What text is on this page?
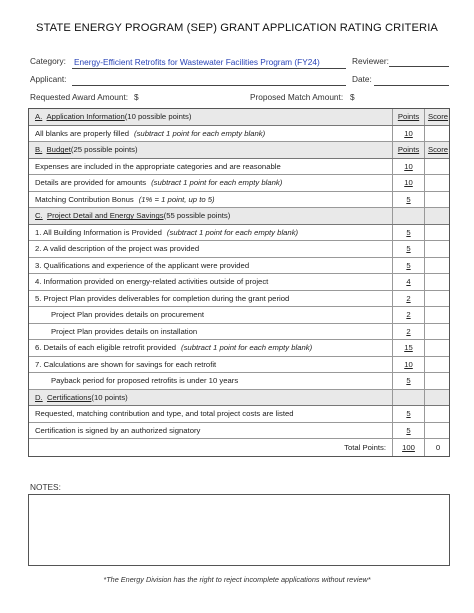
STATE ENERGY PROGRAM (SEP) GRANT APPLICATION RATING CRITERIA
Category: Energy-Efficient Retrofits for Wastewater Facilities Program (FY24)	Reviewer:
Applicant:	Date:
Requested Award Amount: $	Proposed Match Amount: $
A.
Application Information (10 possible points)	Points Score
All blanks are properly filled (subtract 1 point for each empty blank)	10
B.
Budget (25 possible points)	Points Score
Expenses are included in the appropriate categories and are reasonable	10
Details are provided for amounts (subtract 1 point for each empty blank)	10
Matching Contribution Bonus (1% = 1 point, up to 5)	5
C.
Project Detail and Energy Savings (55 possible points)
1. All Building Information is Provided (subtract 1 point for each empty blank)	5
2. A valid description of the project was provided	5
3. Qualifications and experience of the applicant were provided	5
4. Information provided on energy-related activities outside of project	4
5. Project Plan provides deliverables for completion during the grant period	2
Project Plan provides details on procurement	2
Project Plan provides details on installation	2
6. Details of each eligible retrofit provided (subtract 1 point for each empty blank)	15
7. Calculations are shown for savings for each retrofit	10
Payback period for proposed retrofits is under 10 years	5
D.
Certifications (10 points)
Requested, matching contribution and type, and total project costs are listed	5
Certification is signed by an authorized signatory	5
Total Points: 100	0
NOTES:
*The Energy Division has the right to reject incomplete applications without review*
